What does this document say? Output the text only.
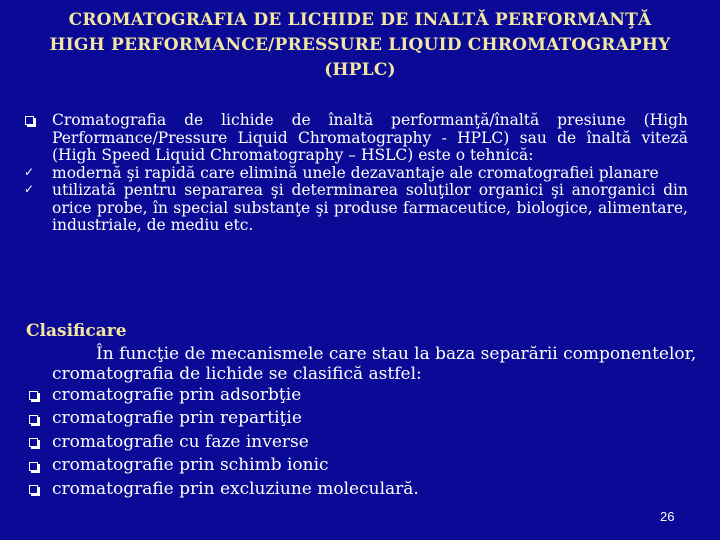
CROMATOGRAFIA DE LICHIDE DE INALTĂ PERFORMANŢĂ
HIGH PERFORMANCE/PRESSURE LIQUID CHROMATOGRAPHY
(HPLC)
Cromatografia de lichide de înaltă performanţă/înaltă presiune (High Performance/Pressure Liquid Chromatography - HPLC) sau de înaltă viteză (High Speed Liquid Chromatography – HSLC) este o tehnică:
✓ modernă şi rapidă care elimină unele dezavantaje ale cromatografiei planare
✓ utilizată pentru separarea şi determinarea soluţilor organici şi anorganici din orice probe, în special substanţe şi produse farmaceutice, biologice, alimentare, industriale, de mediu etc.
Clasificare
În funcţie de mecanismele care stau la baza separării componentelor, cromatografia de lichide se clasifică astfel:
cromatografie prin adsorbţie
cromatografie prin repartiţie
cromatografie cu faze inverse
cromatografie prin schimb ionic
cromatografie prin excluziune moleculară.
26
